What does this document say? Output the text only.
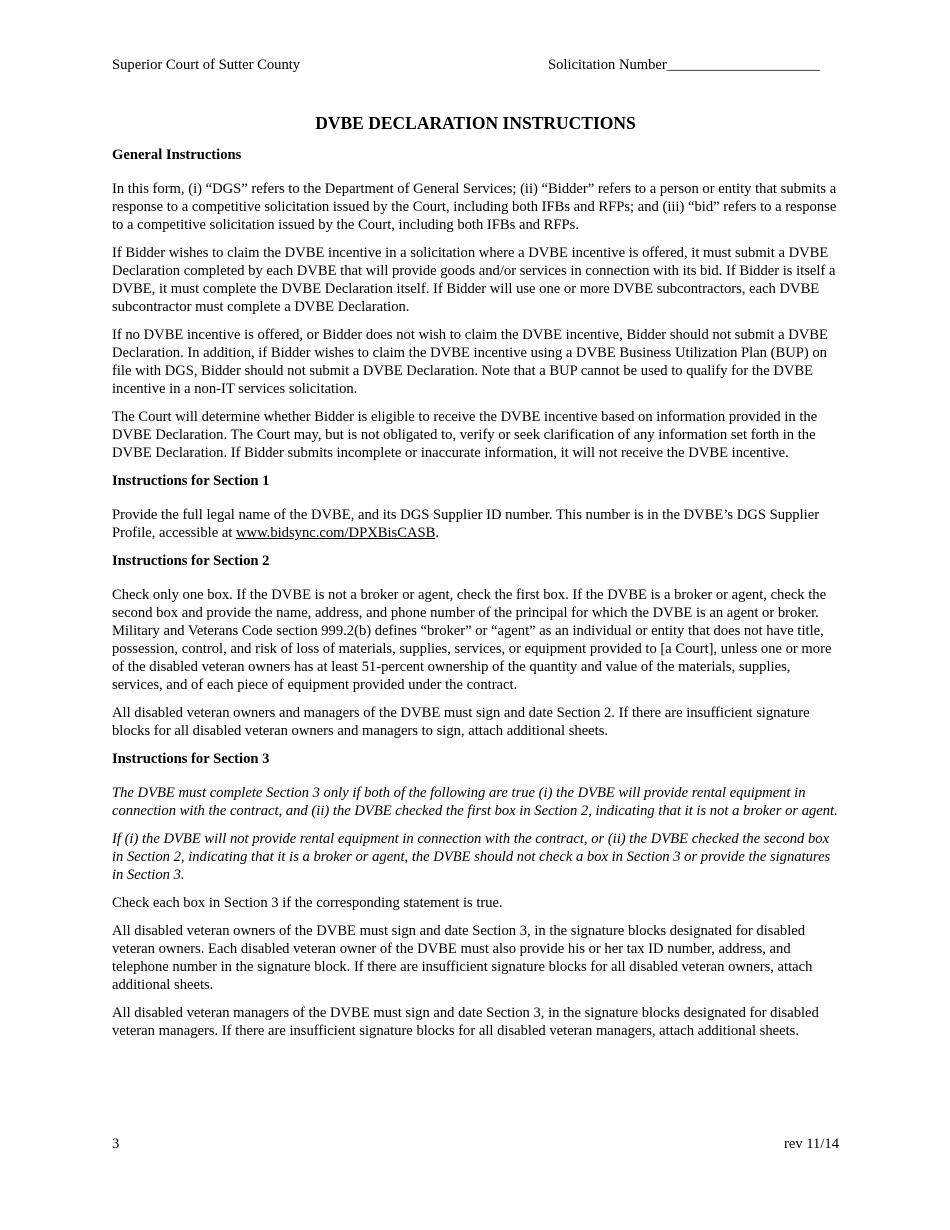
Superior Court of Sutter County	Solicitation Number_____________________
DVBE DECLARATION INSTRUCTIONS
General Instructions

In this form, (i) “DGS” refers to the Department of General Services; (ii) “Bidder” refers to a person or entity that submits a response to a competitive solicitation issued by the Court, including both IFBs and RFPs; and (iii) “bid” refers to a response to a competitive solicitation issued by the Court, including both IFBs and RFPs.

If Bidder wishes to claim the DVBE incentive in a solicitation where a DVBE incentive is offered, it must submit a DVBE Declaration completed by each DVBE that will provide goods and/or services in connection with its bid. If Bidder is itself a DVBE, it must complete the DVBE Declaration itself. If Bidder will use one or more DVBE subcontractors, each DVBE subcontractor must complete a DVBE Declaration.

If no DVBE incentive is offered, or Bidder does not wish to claim the DVBE incentive, Bidder should not submit a DVBE Declaration. In addition, if Bidder wishes to claim the DVBE incentive using a DVBE Business Utilization Plan (BUP) on file with DGS, Bidder should not submit a DVBE Declaration. Note that a BUP cannot be used to qualify for the DVBE incentive in a non-IT services solicitation.

The Court will determine whether Bidder is eligible to receive the DVBE incentive based on information provided in the DVBE Declaration. The Court may, but is not obligated to, verify or seek clarification of any information set forth in the DVBE Declaration. If Bidder submits incomplete or inaccurate information, it will not receive the DVBE incentive.

Instructions for Section 1

Provide the full legal name of the DVBE, and its DGS Supplier ID number. This number is in the DVBE’s DGS Supplier Profile, accessible at www.bidsync.com/DPXBisCASB.

Instructions for Section 2

Check only one box. If the DVBE is not a broker or agent, check the first box. If the DVBE is a broker or agent, check the second box and provide the name, address, and phone number of the principal for which the DVBE is an agent or broker. Military and Veterans Code section 999.2(b) defines “broker” or “agent” as an individual or entity that does not have title, possession, control, and risk of loss of materials, supplies, services, or equipment provided to [a Court], unless one or more of the disabled veteran owners has at least 51-percent ownership of the quantity and value of the materials, supplies, services, and of each piece of equipment provided under the contract.

All disabled veteran owners and managers of the DVBE must sign and date Section 2. If there are insufficient signature blocks for all disabled veteran owners and managers to sign, attach additional sheets.

Instructions for Section 3

The DVBE must complete Section 3 only if both of the following are true (i) the DVBE will provide rental equipment in connection with the contract, and (ii) the DVBE checked the first box in Section 2, indicating that it is not a broker or agent.

If (i) the DVBE will not provide rental equipment in connection with the contract, or (ii) the DVBE checked the second box in Section 2, indicating that it is a broker or agent, the DVBE should not check a box in Section 3 or provide the signatures in Section 3.

Check each box in Section 3 if the corresponding statement is true.

All disabled veteran owners of the DVBE must sign and date Section 3, in the signature blocks designated for disabled veteran owners. Each disabled veteran owner of the DVBE must also provide his or her tax ID number, address, and telephone number in the signature block. If there are insufficient signature blocks for all disabled veteran owners, attach additional sheets.

All disabled veteran managers of the DVBE must sign and date Section 3, in the signature blocks designated for disabled veteran managers. If there are insufficient signature blocks for all disabled veteran managers, attach additional sheets.

3	rev 11/14
